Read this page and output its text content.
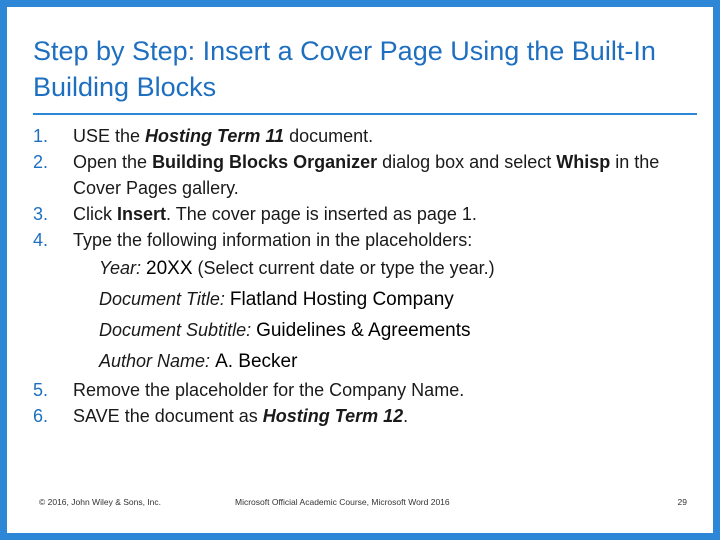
Step by Step: Insert a Cover Page Using the Built-In Building Blocks
1.	USE the Hosting Term 11 document.
2.	Open the Building Blocks Organizer dialog box and select Whisp in the Cover Pages gallery.
3.	Click Insert. The cover page is inserted as page 1.
4.	Type the following information in the placeholders:
Year: 20XX (Select current date or type the year.)
Document Title: Flatland Hosting Company
Document Subtitle: Guidelines & Agreements
Author Name: A. Becker
5.	Remove the placeholder for the Company Name.
6.	SAVE the document as Hosting Term 12.
© 2016, John Wiley & Sons, Inc.	Microsoft Official Academic Course, Microsoft Word 2016	29
